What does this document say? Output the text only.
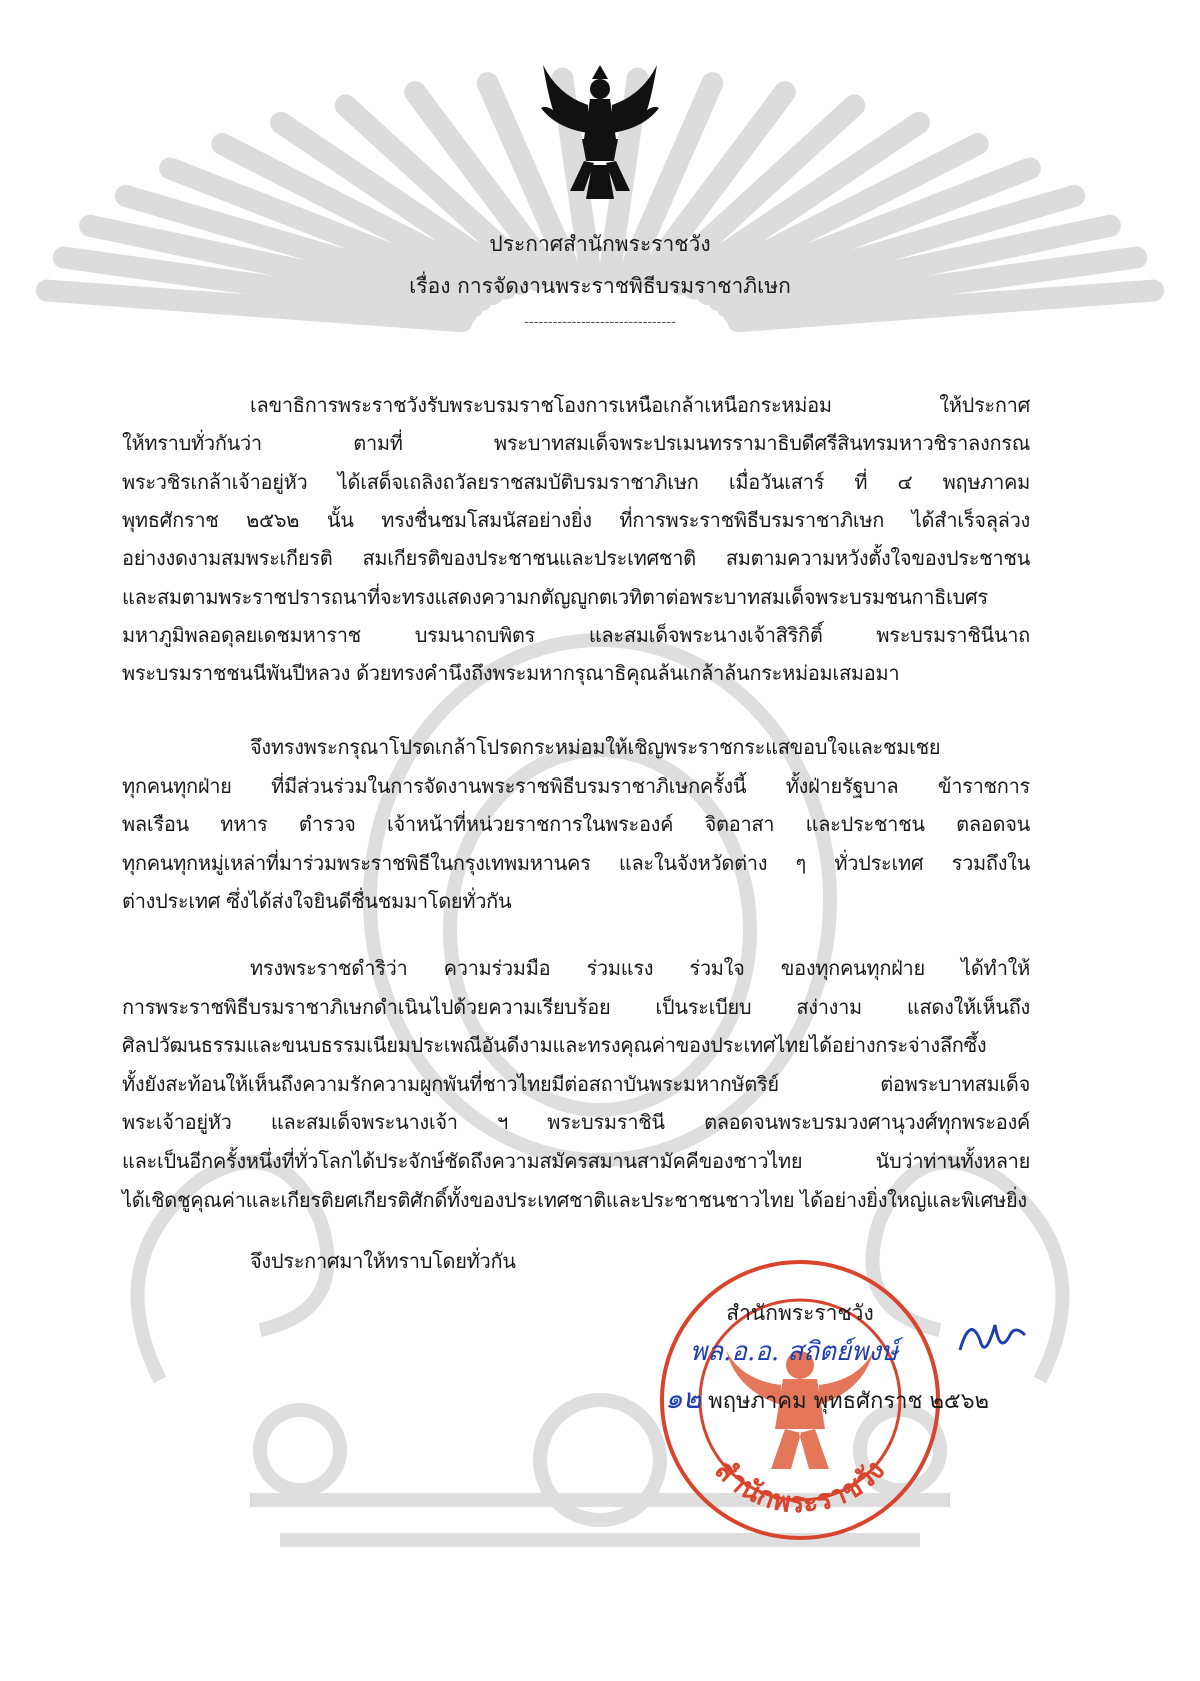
ประกาศสำนักพระราชวัง
เรื่อง การจัดงานพระราชพิธีบรมราชาภิเษก
--------------------------------
เลขาธิการพระราชวังรับพระบรมราชโองการเหนือเกล้าเหนือกระหม่อม ให้ประกาศ
ให้ทราบทั่วกันว่า ตามที่ พระบาทสมเด็จพระปรเมนทรรามาธิบดีศรีสินทรมหาวชิราลงกรณ
พระวชิรเกล้าเจ้าอยู่หัว ได้เสด็จเถลิงถวัลยราชสมบัติบรมราชาภิเษก เมื่อวันเสาร์ ที่ ๔ พฤษภาคม
พุทธศักราช ๒๕๖๒ นั้น ทรงชื่นชมโสมนัสอย่างยิ่ง ที่การพระราชพิธีบรมราชาภิเษก ได้สำเร็จลุล่วง
อย่างงดงามสมพระเกียรติ สมเกียรติของประชาชนและประเทศชาติ สมตามความหวังตั้งใจของประชาชน
และสมตามพระราชปรารถนาที่จะทรงแสดงความกตัญญูกตเวทิตาต่อพระบาทสมเด็จพระบรมชนกาธิเบศร
มหาภูมิพลอดุลยเดชมหาราช บรมนาถบพิตร และสมเด็จพระนางเจ้าสิริกิติ์ พระบรมราชินีนาถ
พระบรมราชชนนีพันปีหลวง ด้วยทรงคำนึงถึงพระมหากรุณาธิคุณล้นเกล้าล้นกระหม่อมเสมอมา
จึงทรงพระกรุณาโปรดเกล้าโปรดกระหม่อมให้เชิญพระราชกระแสขอบใจและชมเชย
ทุกคนทุกฝ่าย ที่มีส่วนร่วมในการจัดงานพระราชพิธีบรมราชาภิเษกครั้งนี้ ทั้งฝ่ายรัฐบาล ข้าราชการ
พลเรือน ทหาร ตำรวจ เจ้าหน้าที่หน่วยราชการในพระองค์ จิตอาสา และประชาชน ตลอดจน
ทุกคนทุกหมู่เหล่าที่มาร่วมพระราชพิธีในกรุงเทพมหานคร และในจังหวัดต่าง ๆ ทั่วประเทศ รวมถึงใน
ต่างประเทศ ซึ่งได้ส่งใจยินดีชื่นชมมาโดยทั่วกัน
ทรงพระราชดำริว่า ความร่วมมือ ร่วมแรง ร่วมใจ ของทุกคนทุกฝ่าย ได้ทำให้
การพระราชพิธีบรมราชาภิเษกดำเนินไปด้วยความเรียบร้อย เป็นระเบียบ สง่างาม แสดงให้เห็นถึง
ศิลปวัฒนธรรมและขนบธรรมเนียมประเพณีอันดีงามและทรงคุณค่าของประเทศไทยได้อย่างกระจ่างลึกซึ้ง
ทั้งยังสะท้อนให้เห็นถึงความรักความผูกพันที่ชาวไทยมีต่อสถาบันพระมหากษัตริย์ ต่อพระบาทสมเด็จ
พระเจ้าอยู่หัว และสมเด็จพระนางเจ้า ฯ พระบรมราชินี ตลอดจนพระบรมวงศานุวงศ์ทุกพระองค์
และเป็นอีกครั้งหนึ่งที่ทั่วโลกได้ประจักษ์ชัดถึงความสมัครสมานสามัคคีของชาวไทย นับว่าท่านทั้งหลาย
ได้เชิดชูคุณค่าและเกียรติยศเกียรติศักดิ์ทั้งของประเทศชาติและประชาชนชาวไทย ได้อย่างยิ่งใหญ่และพิเศษยิ่ง
จึงประกาศมาให้ทราบโดยทั่วกัน
สำนักพระราชวัง
สำนักพระราชวัง
พล.อ.อ. สถิตย์พงษ์
๑๒ พฤษภาคม พุทธศักราช ๒๕๖๒
